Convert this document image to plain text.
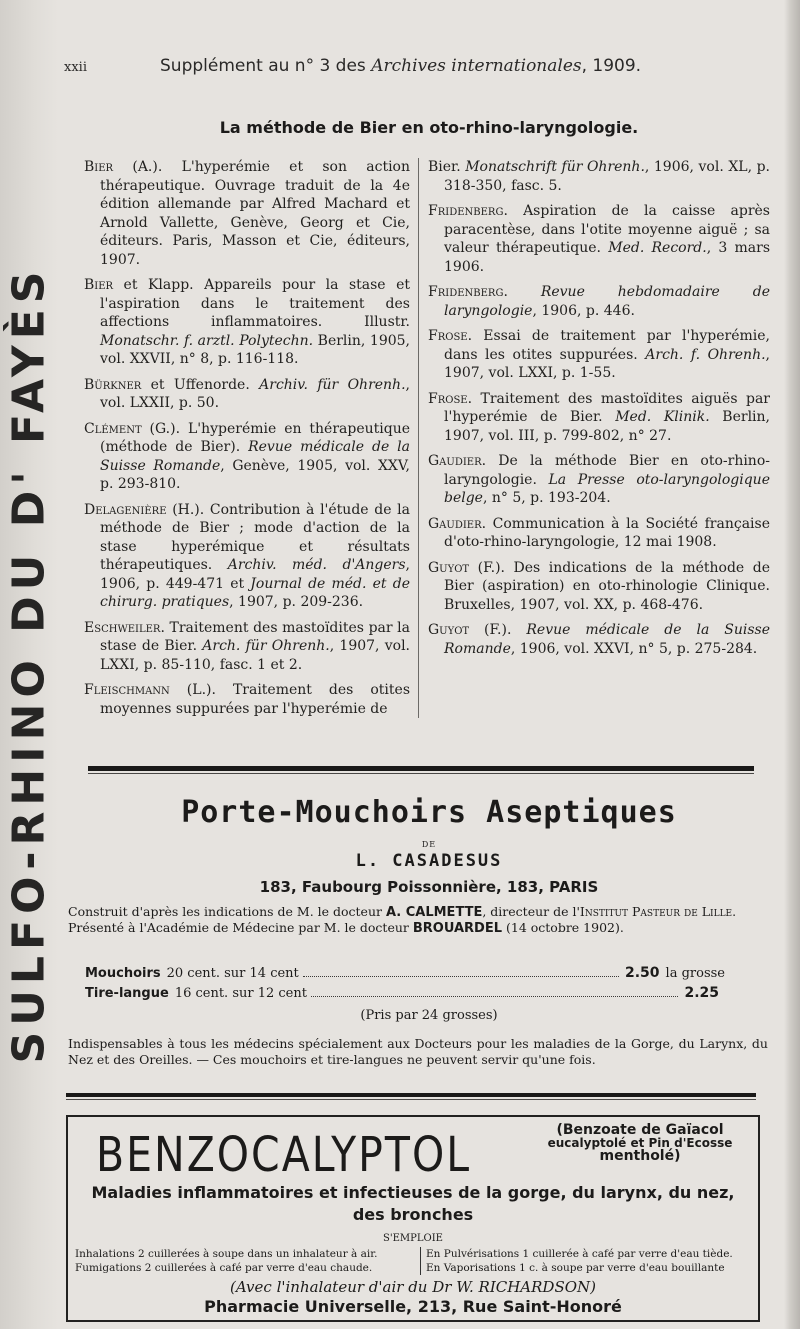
SULFO-RHINO DU D' FAYÈS
xxii	Supplément au n° 3 des Archives internationales, 1909.
La méthode de Bier en oto-rhino-laryngologie.

Bier (A.). L'hyperémie et son action thérapeutique. Ouvrage traduit de la 4e édition allemande par Alfred Machard et Arnold Vallette, Genève, Georg et Cie, éditeurs. Paris, Masson et Cie, éditeurs, 1907.

Bier et Klapp. Appareils pour la stase et l'aspiration dans le traitement des affections inflammatoires. Illustr. Monatschr. f. arztl. Polytechn. Berlin, 1905, vol. XXVII, n° 8, p. 116-118.

Bürkner et Uffenorde. Archiv. für Ohrenh., vol. LXXII, p. 50.

Clément (G.). L'hyperémie en thérapeutique (méthode de Bier). Revue médicale de la Suisse Romande, Genève, 1905, vol. XXV, p. 293-810.

Delagenière (H.). Contribution à l'étude de la méthode de Bier ; mode d'action de la stase hyperémique et résultats thérapeutiques. Archiv. méd. d'Angers, 1906, p. 449-471 et Journal de méd. et de chirurg. pratiques, 1907, p. 209-236.

Eschweiler. Traitement des mastoïdites par la stase de Bier. Arch. für Ohrenh., 1907, vol. LXXI, p. 85-110, fasc. 1 et 2.

Fleischmann (L.). Traitement des otites moyennes suppurées par l'hyperémie de

Bier. Monatschrift für Ohrenh., 1906, vol. XL, p. 318-350, fasc. 5.

Fridenberg. Aspiration de la caisse après paracentèse, dans l'otite moyenne aiguë ; sa valeur thérapeutique. Med. Record., 3 mars 1906.

Fridenberg. Revue hebdomadaire de laryngologie, 1906, p. 446.

Frose. Essai de traitement par l'hyperémie, dans les otites suppurées. Arch. f. Ohrenh., 1907, vol. LXXI, p. 1-55.

Frose. Traitement des mastoïdites aiguës par l'hyperémie de Bier. Med. Klinik. Berlin, 1907, vol. III, p. 799-802, n° 27.

Gaudier. De la méthode Bier en oto-rhino-laryngologie. La Presse oto-laryngologique belge, n° 5, p. 193-204.

Gaudier. Communication à la Société française d'oto-rhino-laryngologie, 12 mai 1908.

Guyot (F.). Des indications de la méthode de Bier (aspiration) en oto-rhinologie Clinique. Bruxelles, 1907, vol. XX, p. 468-476.

Guyot (F.). Revue médicale de la Suisse Romande, 1906, vol. XXVI, n° 5, p. 275-284.

Porte-Mouchoirs Aseptiques
DE
L. CASADESUS
183, Faubourg Poissonnière, 183, PARIS
Construit d'après les indications de M. le docteur A. CALMETTE, directeur de l'Institut Pasteur de Lille. Présenté à l'Académie de Médecine par M. le docteur BROUARDEL (14 octobre 1902).
Mouchoirs 20 cent. sur 14 cent	2.50 la grosse
Tire-langue 16 cent. sur 12 cent	2.25
(Pris par 24 grosses)
Indispensables à tous les médecins spécialement aux Docteurs pour les maladies de la Gorge, du Larynx, du Nez et des Oreilles. — Ces mouchoirs et tire-langues ne peuvent servir qu'une fois.
BENZOCALYPTOL	(Benzoate de Gaïacol
eucalyptolé et Pin d'Ecosse
mentholé)
Maladies inflammatoires et infectieuses de la gorge, du larynx, du nez,
des bronches
S'EMPLOIE
Inhalations 2 cuillerées à soupe dans un inhalateur à air.
Fumigations 2 cuillerées à café par verre d'eau chaude.
En Pulvérisations 1 cuillerée à café par verre d'eau tiède.
En Vaporisations 1 c. à soupe par verre d'eau bouillante
(Avec l'inhalateur d'air du Dr W. RICHARDSON)
Pharmacie Universelle, 213, Rue Saint-Honoré
